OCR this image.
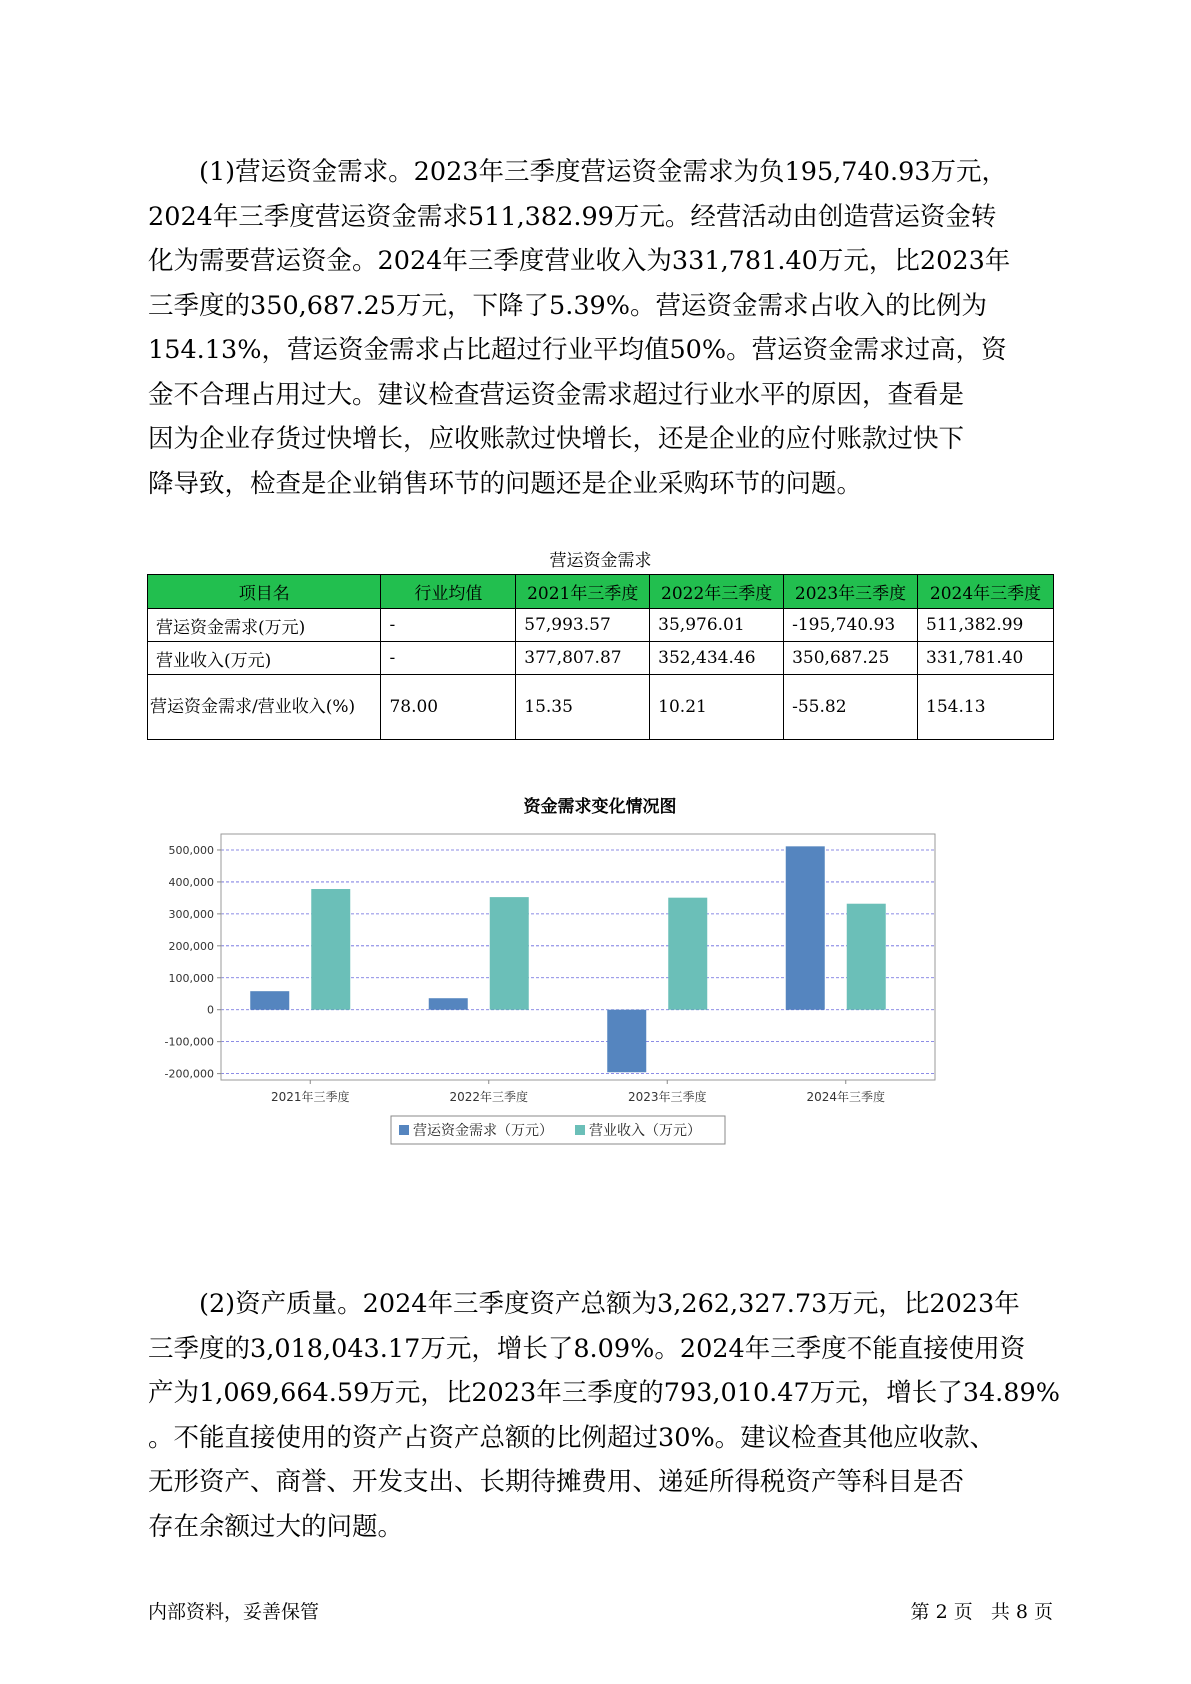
(1)营运资金需求。2023年三季度营运资金需求为负195,740.93万元，
2024年三季度营运资金需求511,382.99万元。经营活动由创造营运资金转
化为需要营运资金。2024年三季度营业收入为331,781.40万元，比2023年
三季度的350,687.25万元，下降了5.39%。营运资金需求占收入的比例为
154.13%，营运资金需求占比超过行业平均值50%。营运资金需求过高，资
金不合理占用过大。建议检查营运资金需求超过行业水平的原因，查看是
因为企业存货过快增长，应收账款过快增长，还是企业的应付账款过快下
降导致，检查是企业销售环节的问题还是企业采购环节的问题。
营运资金需求
项目名	行业均值	2021年三季度	2022年三季度	2023年三季度	2024年三季度
营运资金需求(万元)	-	57,993.57	35,976.01	-195,740.93	511,382.99
营业收入(万元)	-	377,807.87	352,434.46	350,687.25	331,781.40
营运资金需求/营业收入(%)	78.00	15.35	10.21	-55.82	154.13
资金需求变化情况图
500,000
400,000
300,000
200,000
100,000
0
-100,000
-200,000
2021年三季度	2022年三季度	2023年三季度	2024年三季度
营运资金需求（万元）	营业收入（万元）
(2)资产质量。2024年三季度资产总额为3,262,327.73万元，比2023年
三季度的3,018,043.17万元，增长了8.09%。2024年三季度不能直接使用资
产为1,069,664.59万元，比2023年三季度的793,010.47万元，增长了34.89%
。不能直接使用的资产占资产总额的比例超过30%。建议检查其他应收款、
无形资产、商誉、开发支出、长期待摊费用、递延所得税资产等科目是否
存在余额过大的问题。
内部资料，妥善保管	第 2 页   共 8 页
